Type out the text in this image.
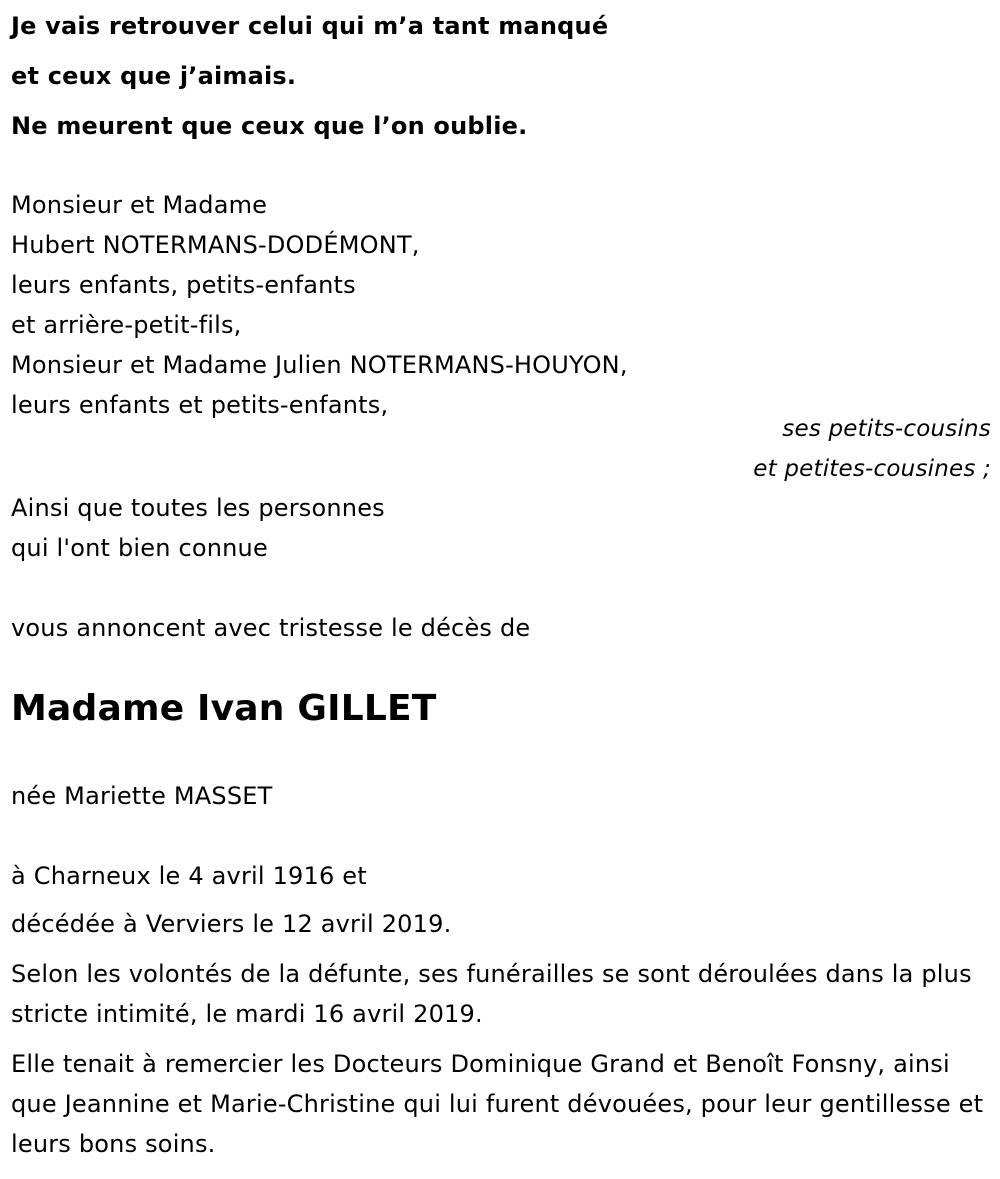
Je vais retrouver celui qui m’a tant manqué
et ceux que j’aimais.
Ne meurent que ceux que l’on oublie.
Monsieur et Madame
Hubert NOTERMANS-DODÉMONT,
leurs enfants, petits-enfants
et arrière-petit-fils,
Monsieur et Madame Julien NOTERMANS-HOUYON,
leurs enfants et petits-enfants,
ses petits-cousins
et petites-cousines ;
Ainsi que toutes les personnes
qui l'ont bien connue
vous annoncent avec tristesse le décès de
Madame Ivan GILLET
née Mariette MASSET
à Charneux le 4 avril 1916 et
décédée à Verviers le 12 avril 2019.
Selon les volontés de la défunte, ses funérailles se sont déroulées dans la plus stricte intimité, le mardi 16 avril 2019.
Elle tenait à remercier les Docteurs Dominique Grand et Benoît Fonsny, ainsi que Jeannine et Marie-Christine qui lui furent dévouées, pour leur gentillesse et leurs bons soins.
